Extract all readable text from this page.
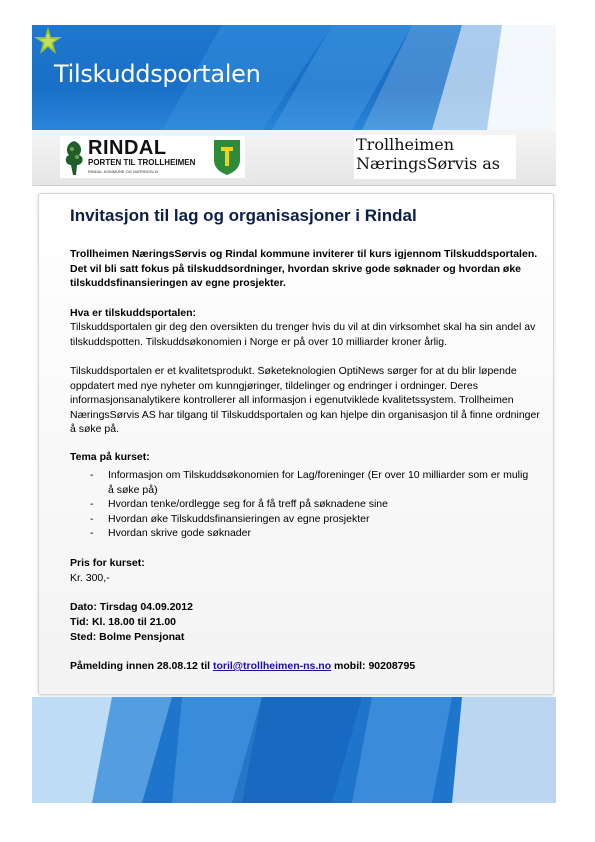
Tilskuddsportalen
RINDAL
PORTEN TIL TROLLHEIMEN
RINDAL KOMMUNE OG NÆRINGSLIV
Trollheimen
NæringsSørvis as
Invitasjon til lag og organisasjoner i Rindal
Trollheimen NæringsSørvis og Rindal kommune inviterer til kurs igjennom Tilskuddsportalen. Det vil bli satt fokus på tilskuddsordninger, hvordan skrive gode søknader og hvordan øke tilskuddsfinansieringen av egne prosjekter.
Hva er tilskuddsportalen:
Tilskuddsportalen gir deg den oversikten du trenger hvis du vil at din virksomhet skal ha sin andel av tilskuddspotten. Tilskuddsøkonomien i Norge er på over 10 milliarder kroner årlig.
Tilskuddsportalen er et kvalitetsprodukt. Søketeknologien OptiNews sørger for at du blir løpende oppdatert med nye nyheter om kunngjøringer, tildelinger og endringer i ordninger. Deres informasjonsanalytikere kontrollerer all informasjon i egenutviklede kvalitetssystem. Trollheimen NæringsSørvis AS har tilgang til Tilskuddsportalen og kan hjelpe din organisasjon til å finne ordninger å søke på.
Tema på kurset:
- Informasjon om Tilskuddsøkonomien for Lag/foreninger (Er over 10 milliarder som er mulig å søke på)
- Hvordan tenke/ordlegge seg for å få treff på søknadene sine
- Hvordan øke Tilskuddsfinansieringen av egne prosjekter
- Hvordan skrive gode søknader
Pris for kurset:
Kr. 300,-
Dato: Tirsdag 04.09.2012
Tid: Kl. 18.00 til 21.00
Sted: Bolme Pensjonat
Påmelding innen 28.08.12 til toril@trollheimen-ns.no mobil: 90208795
